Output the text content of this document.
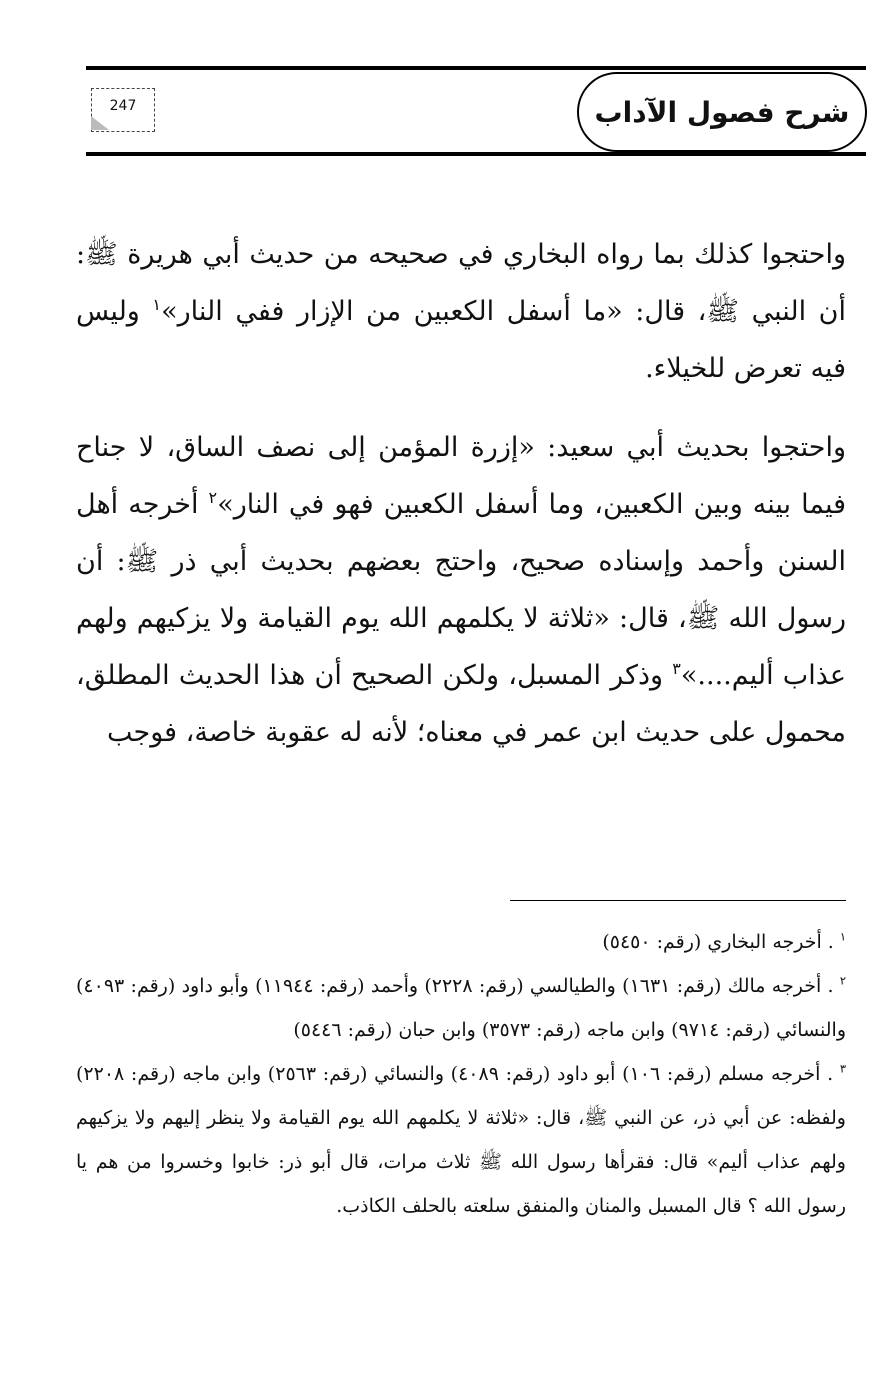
شرح فصول الآداب
247

واحتجوا كذلك بما رواه البخاري في صحيحه من حديث أبي هريرة ﷺ: أن النبي ﷺ، قال: «ما أسفل الكعبين من الإزار ففي النار»$^١$ وليس فيه تعرض للخيلاء.

واحتجوا بحديث أبي سعيد: «إزرة المؤمن إلى نصف الساق، لا جناح فيما بينه وبين الكعبين، وما أسفل الكعبين فهو في النار»$^٢$ أخرجه أهل السنن وأحمد وإسناده صحيح، واحتج بعضهم بحديث أبي ذر ﷺ: أن رسول الله ﷺ، قال: «ثلاثة لا يكلمهم الله يوم القيامة ولا يزكيهم ولهم عذاب أليم....»$^٣$ وذكر المسبل، ولكن الصحيح أن هذا الحديث المطلق، محمول على حديث ابن عمر في معناه؛ لأنه له عقوبة خاصة، فوجب

$^١$ . أخرجه البخاري (رقم: ٥٤٥٠)

$^٢$ . أخرجه مالك (رقم: ١٦٣١) والطيالسي (رقم: ٢٢٢٨) وأحمد (رقم: ١١٩٤٤) وأبو داود (رقم: ٤٠٩٣) والنسائي (رقم: ٩٧١٤) وابن ماجه (رقم: ٣٥٧٣) وابن حبان (رقم: ٥٤٤٦)

$^٣$ . أخرجه مسلم (رقم: ١٠٦) أبو داود (رقم: ٤٠٨٩) والنسائي (رقم: ٢٥٦٣) وابن ماجه (رقم: ٢٢٠٨) ولفظه: عن أبي ذر، عن النبي ﷺ، قال: «ثلاثة لا يكلمهم الله يوم القيامة ولا ينظر إليهم ولا يزكيهم ولهم عذاب أليم» قال: فقرأها رسول الله ﷺ ثلاث مرات، قال أبو ذر: خابوا وخسروا من هم يا رسول الله ؟ قال المسبل والمنان والمنفق سلعته بالحلف الكاذب.
